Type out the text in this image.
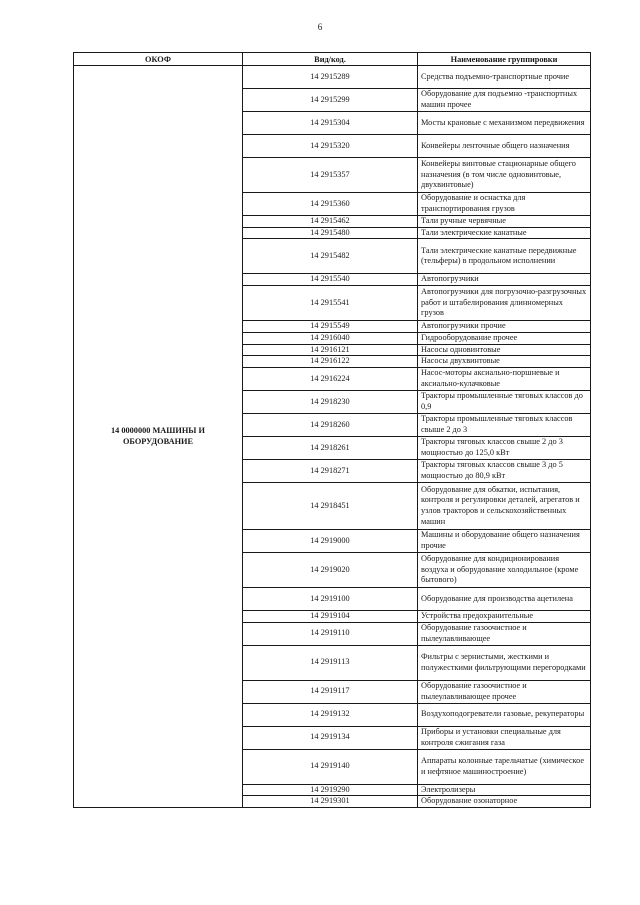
6
ОКОФ	Вид/код.	Наименование группировки
14 0000000 МАШИНЫ И ОБОРУДОВАНИЕ	14 2915289	Средства подъемно-транспортные прочие
	14 2915299	Оборудование для подъемно -транспортных машин прочее
	14 2915304	Мосты крановые с механизмом передвижения
	14 2915320	Конвейеры ленточные общего назначения
	14 2915357	Конвейеры винтовые стационарные общего назначения (в том числе одновинтовые, двухвинтовые)
	14 2915360	Оборудование и оснастка для транспортирования грузов
	14 2915462	Тали ручные червячные
	14 2915480	Тали электрические канатные
	14 2915482	Тали электрические канатные передвижные (тельферы) в продольном исполнении
	14 2915540	Автопогрузчики
	14 2915541	Автопогрузчики для погрузочно-разгрузочных работ и штабелирования длинномерных грузов
	14 2915549	Автопогрузчики прочие
	14 2916040	Гидрооборудование прочее
	14 2916121	Насосы одновинтовые
	14 2916122	Насосы двухвинтовые
	14 2916224	Насос-моторы аксиально-поршневые и аксиально-кулачковые
	14 2918230	Тракторы промышленные тяговых классов до 0,9
	14 2918260	Тракторы промышленные тяговых классов свыше 2 до 3
	14 2918261	Тракторы тяговых классов свыше 2 до 3 мощностью до 125,0 кВт
	14 2918271	Тракторы тяговых классов свыше 3 до 5 мощностью до 80,9 кВт
	14 2918451	Оборудование для обкатки, испытания, контроля и регулировки деталей, агрегатов и узлов тракторов и сельскохозяйственных машин
	14 2919000	Машины и оборудование общего назначения прочие
	14 2919020	Оборудование для кондиционирования воздуха и оборудование холодильное (кроме бытового)
	14 2919100	Оборудование для производства ацетилена
	14 2919104	Устройства предохранительные
	14 2919110	Оборудование газоочистное и пылеулавливающее
	14 2919113	Фильтры с зернистыми, жесткими и полужесткими фильтрующими перегородками
	14 2919117	Оборудование газоочистное и пылеулавливающее прочее
	14 2919132	Воздухоподогреватели газовые, рекуператоры
	14 2919134	Приборы и установки специальные для контроля сжигания газа
	14 2919140	Аппараты колонные тарельчатые (химическое и нефтяное машиностроение)
	14 2919290	Электролизеры
	14 2919301	Оборудование озонаторное
